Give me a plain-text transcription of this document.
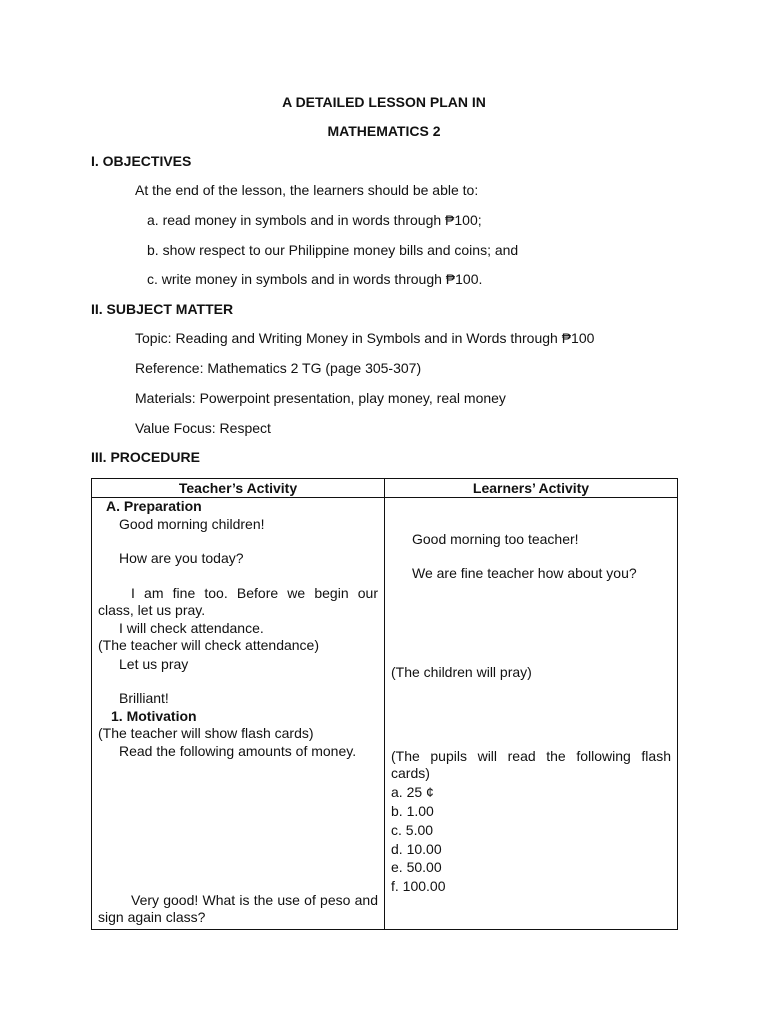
A DETAILED LESSON PLAN IN
MATHEMATICS 2
I. OBJECTIVES
At the end of the lesson, the learners should be able to:
a. read money in symbols and in words through ₱100;
b. show respect to our Philippine money bills and coins; and
c. write money in symbols and in words through ₱100.
II. SUBJECT MATTER
Topic: Reading and Writing Money in Symbols and in Words through ₱100
Reference: Mathematics 2 TG (page 305-307)
Materials: Powerpoint presentation, play money, real money
Value Focus: Respect
III. PROCEDURE
Teacher’s Activity	Learners’ Activity
A. Preparation
Good morning children!
How are you today?
I am fine too. Before we begin our class, let us pray.
I will check attendance.
(The teacher will check attendance)
Let us pray
Brilliant!
1. Motivation
(The teacher will show flash cards)
Read the following amounts of money.
Very good! What is the use of peso and sign again class?
Good morning too teacher!
We are fine teacher how about you?
(The children will pray)
(The pupils will read the following flash cards)
a. 25 ¢
b. 1.00
c. 5.00
d. 10.00
e. 50.00
f. 100.00
